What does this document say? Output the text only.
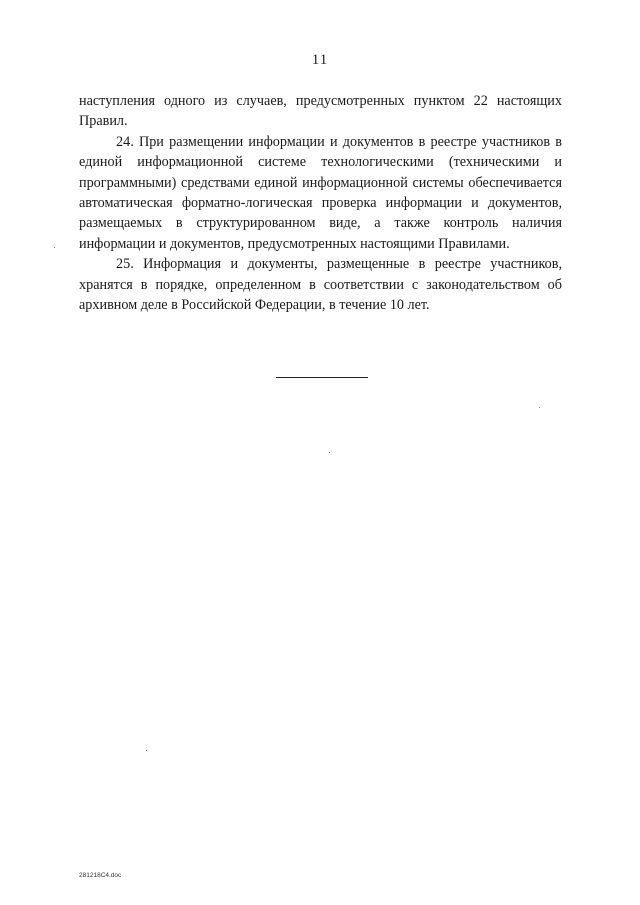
11

наступления одного из случаев, предусмотренных пунктом 22 настоящих Правил.

24. При размещении информации и документов в реестре участников в единой информационной системе технологическими (техническими и программными) средствами единой информационной системы обеспечивается автоматическая форматно-логическая проверка информации и документов, размещаемых в структурированном виде, а также контроль наличия информации и документов, предусмотренных настоящими Правилами.

25. Информация и документы, размещенные в реестре участников, хранятся в порядке, определенном в соответствии с законодательством об архивном деле в Российской Федерации, в течение 10 лет.

281218C4.doc
